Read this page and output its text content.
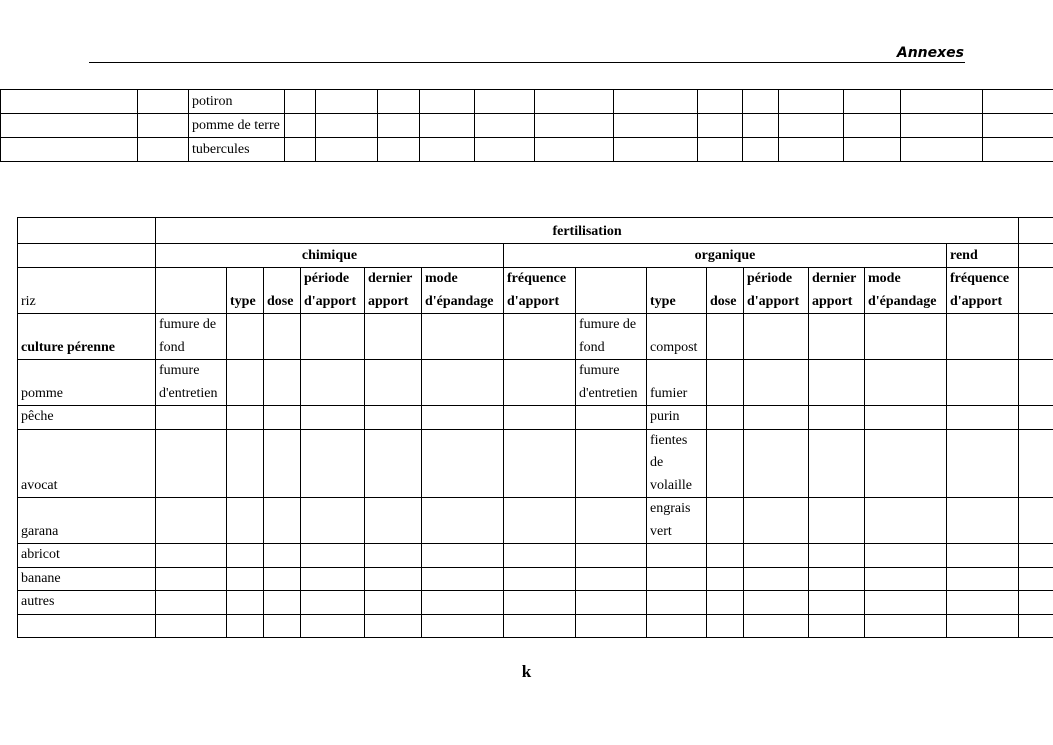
Annexes
		potiron													
		pomme de terre													
		tubercules													
	fertilisation														
	chimique						organique							rend	
riz		type	dose	période d'apport	dernier apport	mode d'épandage	fréquence d'apport		type	dose	période d'apport	dernier apport	mode d'épandage	fréquence d'apport	
culture pérenne	fumure de fond							fumure de fond	compost						
pomme	fumure d'entretien							fumure d'entretien	fumier						
pêche									purin						
avocat									fientes de volaille						
garana									engrais vert						
abricot															
banane															
autres															

k
